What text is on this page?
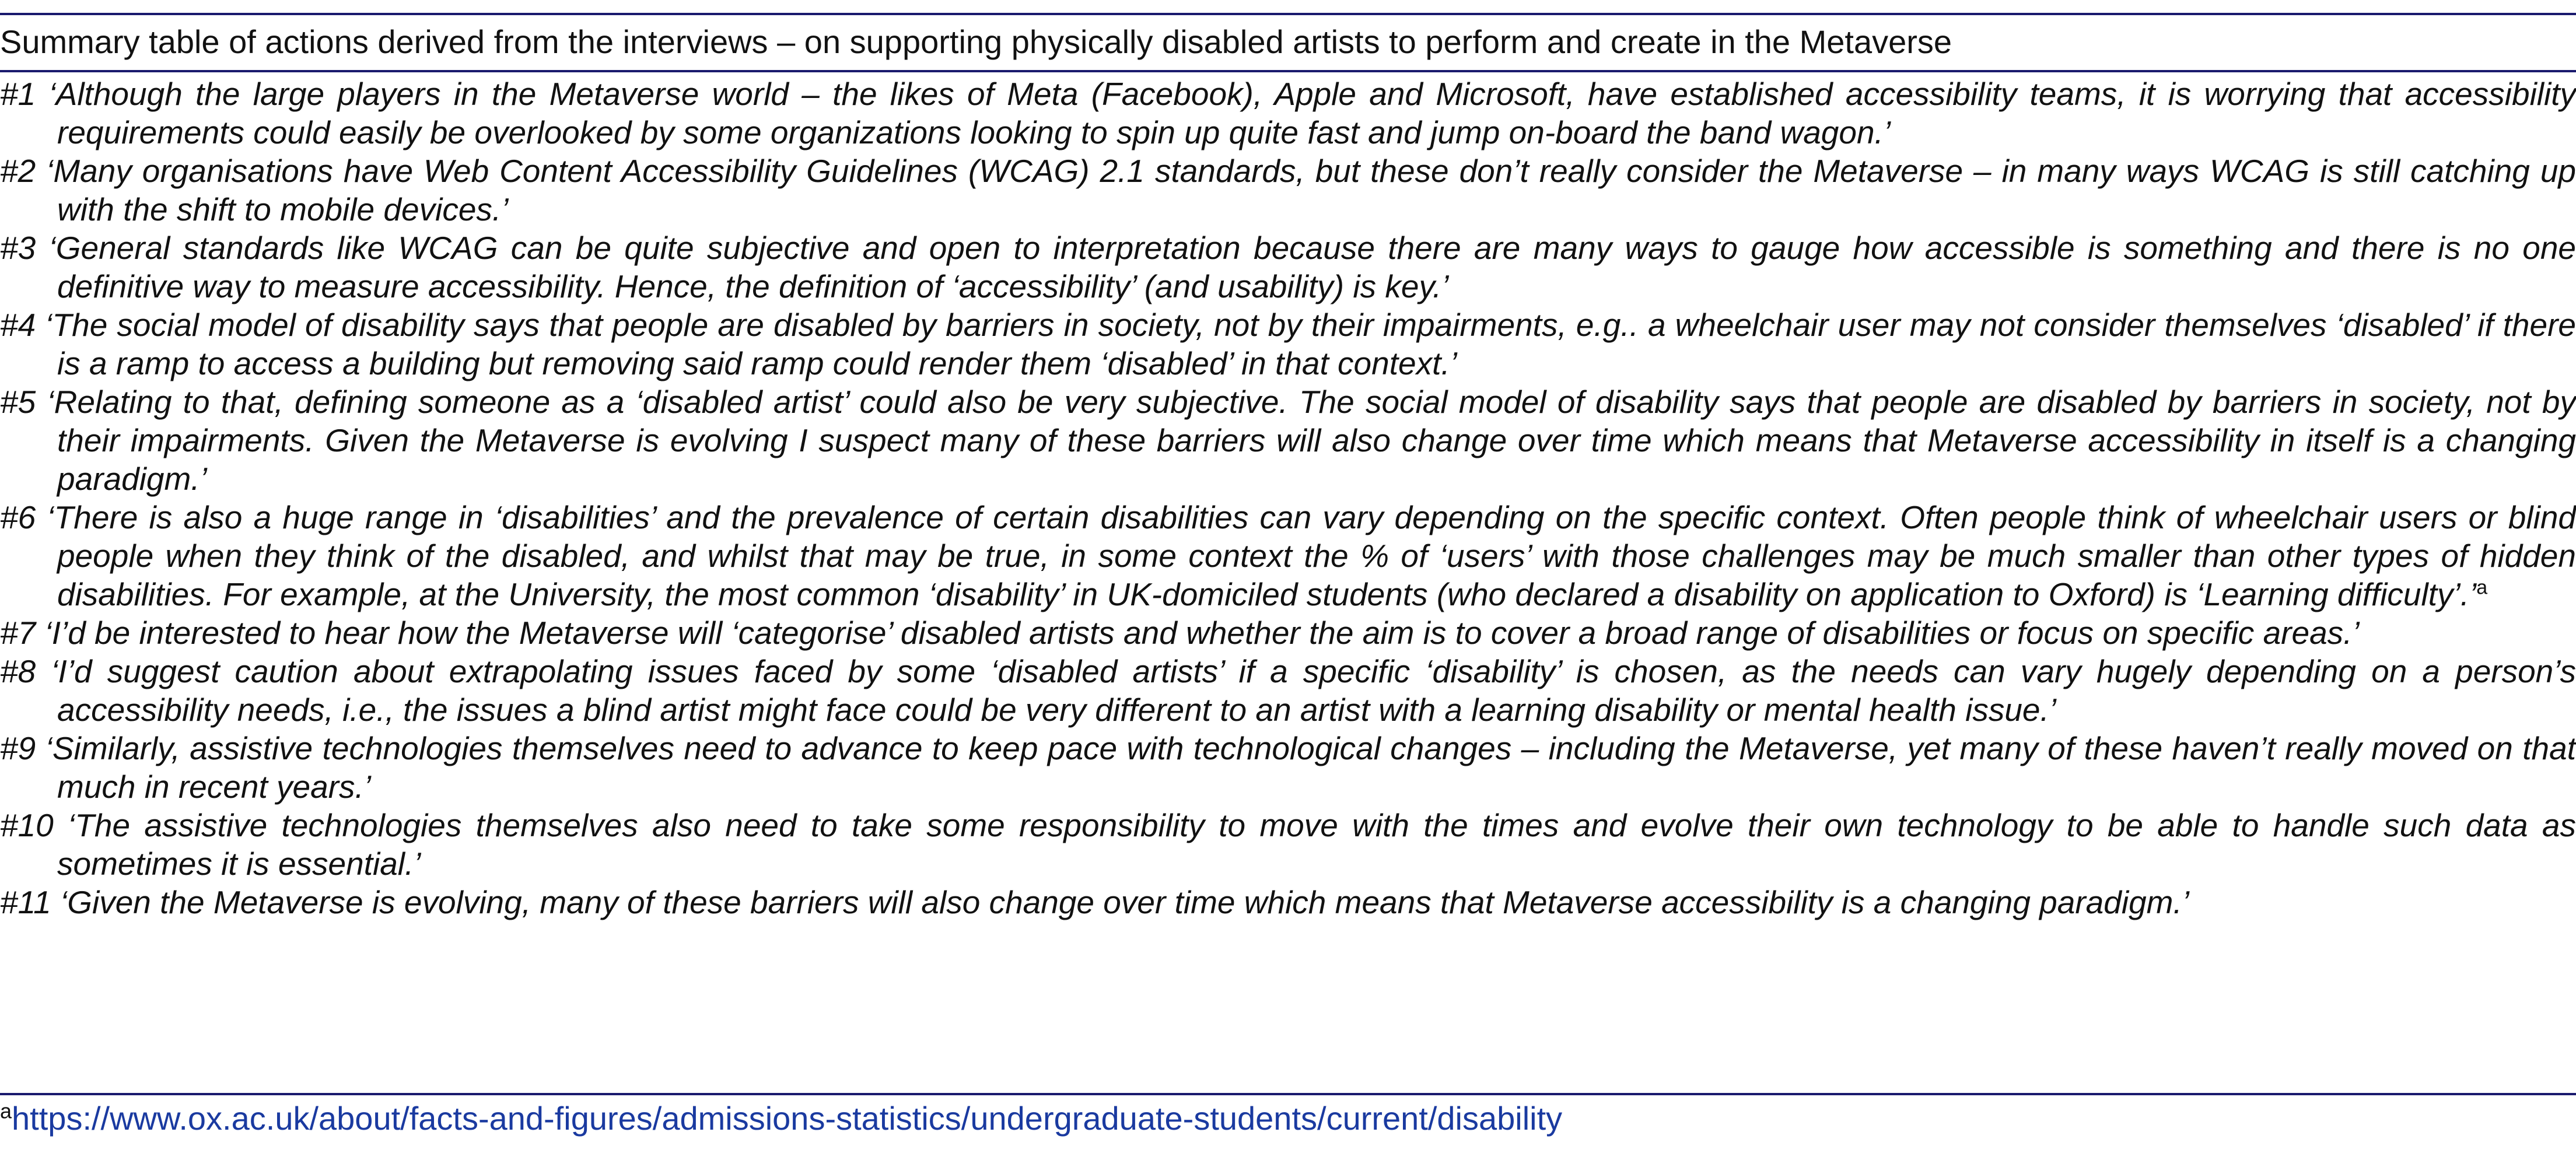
Summary table of actions derived from the interviews – on supporting physically disabled artists to perform and create in the Metaverse

#1 ‘Although the large players in the Metaverse world – the likes of Meta (Facebook), Apple and Microsoft, have established accessibility teams, it is worrying that accessibility requirements could easily be overlooked by some organizations looking to spin up quite fast and jump on-board the band wagon.’

#2 ‘Many organisations have Web Content Accessibility Guidelines (WCAG) 2.1 standards, but these don’t really consider the Metaverse – in many ways WCAG is still catching up with the shift to mobile devices.’

#3 ‘General standards like WCAG can be quite subjective and open to interpretation because there are many ways to gauge how accessible is something and there is no one definitive way to measure accessibility. Hence, the definition of ‘accessibility’ (and usability) is key.’

#4 ‘The social model of disability says that people are disabled by barriers in society, not by their impairments, e.g.. a wheelchair user may not consider themselves ‘disabled’ if there is a ramp to access a building but removing said ramp could render them ‘disabled’ in that context.’

#5 ‘Relating to that, defining someone as a ‘disabled artist’ could also be very subjective. The social model of disability says that people are disabled by barriers in society, not by their impairments. Given the Metaverse is evolving I suspect many of these barriers will also change over time which means that Metaverse accessibility in itself is a changing paradigm.’

#6 ‘There is also a huge range in ‘disabilities’ and the prevalence of certain disabilities can vary depending on the specific context. Often people think of wheelchair users or blind people when they think of the disabled, and whilst that may be true, in some context the % of ‘users’ with those challenges may be much smaller than other types of hidden disabilities. For example, at the University, the most common ‘disability’ in UK-domiciled students (who declared a disability on application to Oxford) is ‘Learning difficulty’.’$^a$

#7 ‘I’d be interested to hear how the Metaverse will ‘categorise’ disabled artists and whether the aim is to cover a broad range of disabilities or focus on specific areas.’

#8 ‘I’d suggest caution about extrapolating issues faced by some ‘disabled artists’ if a specific ‘disability’ is chosen, as the needs can vary hugely depending on a person’s accessibility needs, i.e., the issues a blind artist might face could be very different to an artist with a learning disability or mental health issue.’

#9 ‘Similarly, assistive technologies themselves need to advance to keep pace with technological changes – including the Metaverse, yet many of these haven’t really moved on that much in recent years.’

#10 ‘The assistive technologies themselves also need to take some responsibility to move with the times and evolve their own technology to be able to handle such data as sometimes it is essential.’

#11 ‘Given the Metaverse is evolving, many of these barriers will also change over time which means that Metaverse accessibility is a changing paradigm.’

$^a$https://www.ox.ac.uk/about/facts-and-figures/admissions-statistics/undergraduate-students/current/disability
